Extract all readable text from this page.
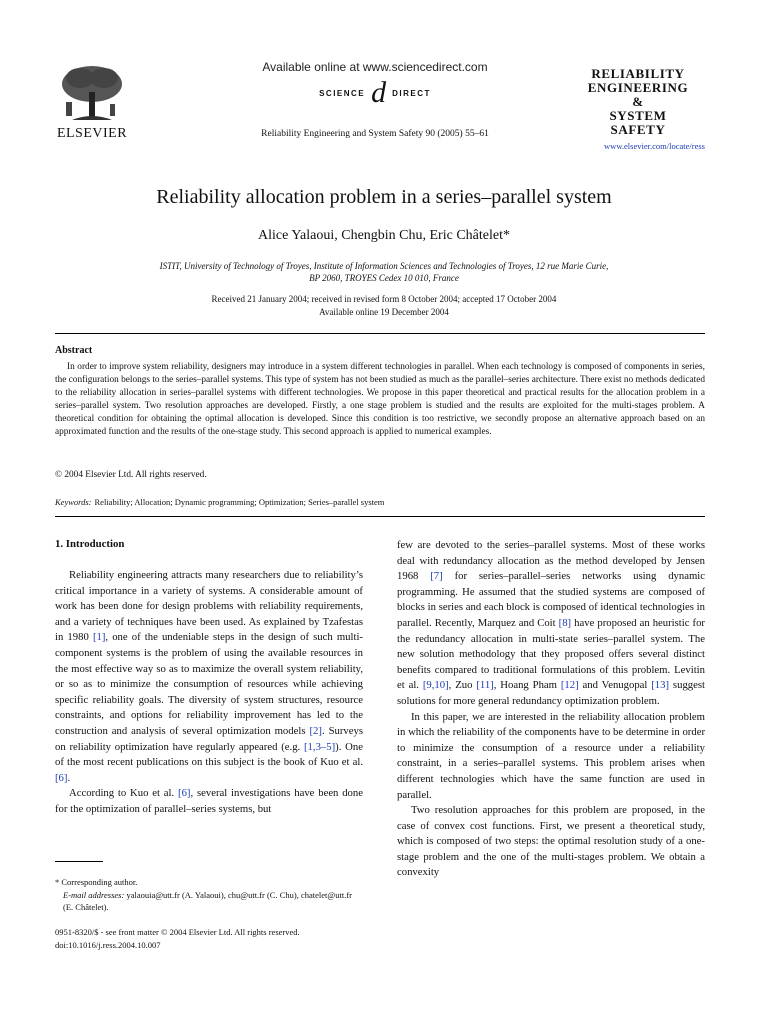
ELSEVIER
Available online at www.sciencedirect.com
SCIENCE d DIRECT
Reliability Engineering and System Safety 90 (2005) 55–61
RELIABILITY
ENGINEERING
&
SYSTEM
SAFETY
www.elsevier.com/locate/ress
Reliability allocation problem in a series–parallel system
Alice Yalaoui, Chengbin Chu, Eric Châtelet*
ISTIT, University of Technology of Troyes, Institute of Information Sciences and Technologies of Troyes, 12 rue Marie Curie,
BP 2060, TROYES Cedex 10 010, France
Received 21 January 2004; received in revised form 8 October 2004; accepted 17 October 2004
Available online 19 December 2004
Abstract
In order to improve system reliability, designers may introduce in a system different technologies in parallel. When each technology is composed of components in series, the configuration belongs to the series–parallel systems. This type of system has not been studied as much as the parallel–series architecture. There exist no methods dedicated to the reliability allocation in series–parallel systems with different technologies. We propose in this paper theoretical and practical results for the allocation problem in a series–parallel system. Two resolution approaches are developed. Firstly, a one stage problem is studied and the results are exploited for the multi-stages problem. A theoretical condition for obtaining the optimal allocation is developed. Since this condition is too restrictive, we secondly propose an alternative approach based on an approximated function and the results of the one-stage study. This second approach is applied to numerical examples.
© 2004 Elsevier Ltd. All rights reserved.
Keywords: Reliability; Allocation; Dynamic programming; Optimization; Series–parallel system
1. Introduction

Reliability engineering attracts many researchers due to reliability’s critical importance in a variety of systems. A considerable amount of work has been done for design problems with reliability requirements, and a variety of techniques have been used. As explained by Tzafestas in 1980 [1], one of the undeniable steps in the design of such multi-component systems is the problem of using the available resources in the most effective way so as to maximize the overall system reliability, or so as to minimize the consumption of resources while achieving specific reliability goals. The diversity of system structures, resource constraints, and options for reliability improvement has led to the construction and analysis of several optimization models [2]. Surveys on reliability optimization have regularly appeared (e.g. [1,3–5]). One of the most recent publications on this subject is the book of Kuo et al. [6].

According to Kuo et al. [6], several investigations have been done for the optimization of parallel–series systems, but

few are devoted to the series–parallel systems. Most of these works deal with redundancy allocation as the method developed by Jensen 1968 [7] for series–parallel–series networks using dynamic programming. He assumed that the studied systems are composed of blocks in series and each block is composed of identical technologies in parallel. Recently, Marquez and Coit [8] have proposed an heuristic for the redundancy allocation in multi-state series–parallel system. The new solution methodology that they proposed offers several distinct benefits compared to traditional formulations of this problem. Levitin et al. [9,10], Zuo [11], Hoang Pham [12] and Venugopal [13] suggest solutions for more general redundancy optimization problem.

In this paper, we are interested in the reliability allocation problem in which the reliability of the components have to be determine in order to minimize the consumption of a resource under a reliability constraint, in a series–parallel systems. This problem arises when different technologies which have the same function are used in parallel.

Two resolution approaches for this problem are proposed, in the case of convex cost functions. First, we present a theoretical study, which is composed of two steps: the optimal resolution study of a one-stage problem and the one of the multi-stages problem. We obtain a convexity

* Corresponding author.
E-mail addresses: yalaouia@utt.fr (A. Yalaoui), chu@utt.fr (C. Chu), chatelet@utt.fr (E. Châtelet).
0951-8320/$ - see front matter © 2004 Elsevier Ltd. All rights reserved.
doi:10.1016/j.ress.2004.10.007
